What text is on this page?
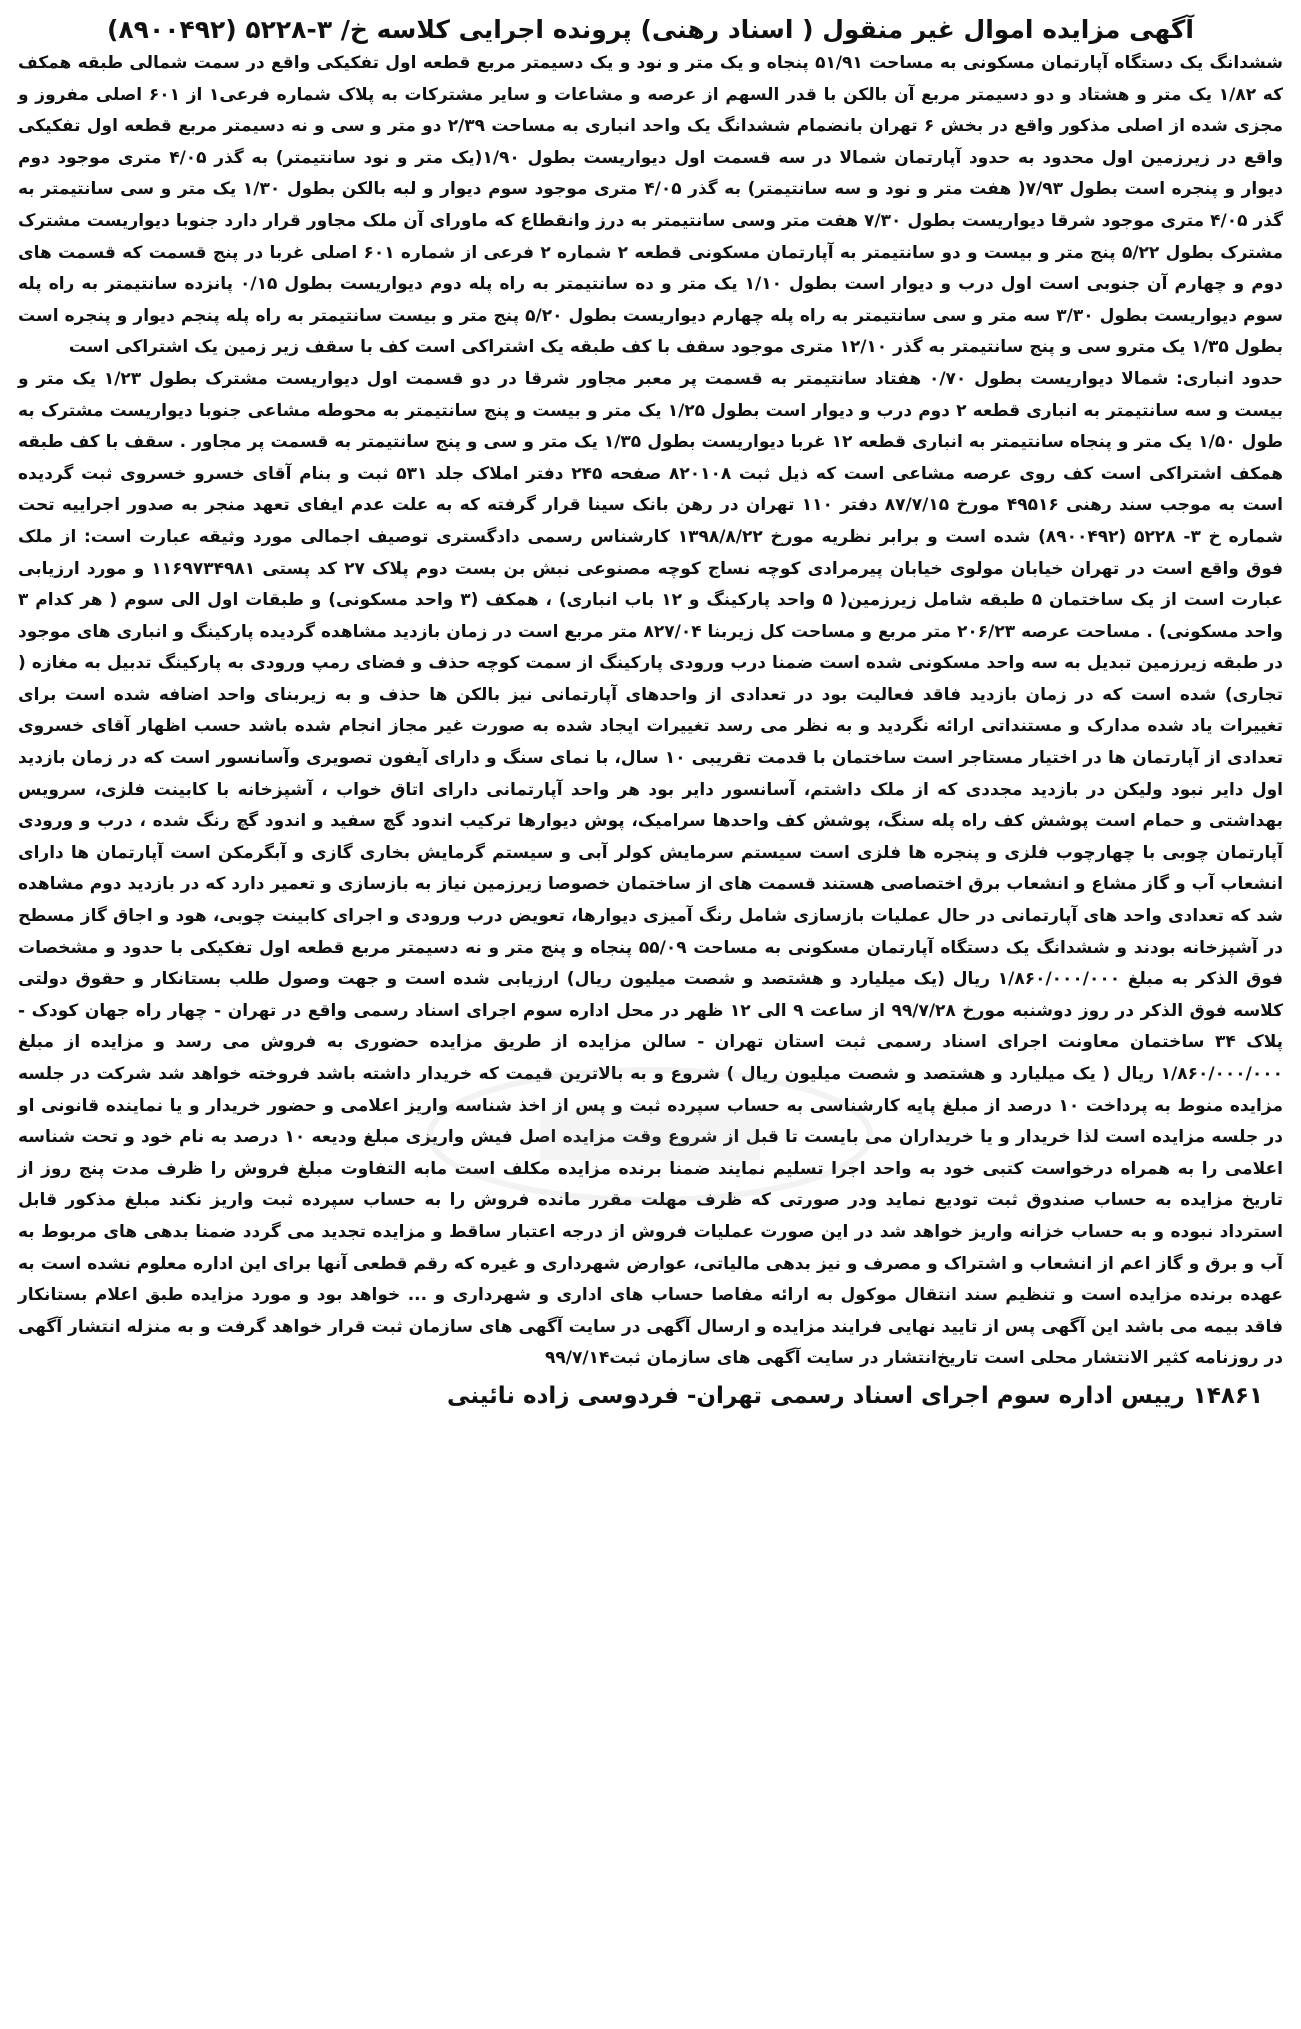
آگهی مزایده اموال غیر منقول ( اسناد رهنی) پرونده اجرایی کلاسه خ/ ۳-۵۲۲۸ (۸۹۰۰۴۹۲)

ششدانگ یک دستگاه آپارتمان مسکونی به مساحت ۵۱/۹۱ پنجاه و یک متر و نود و یک دسیمتر مربع قطعه اول تفکیکی واقع در سمت شمالی طبقه همکف که ۱/۸۲ یک متر و هشتاد و دو دسیمتر مربع آن بالکن با قدر السهم از عرصه و مشاعات و سایر مشترکات به پلاک شماره فرعی۱ از ۶۰۱ اصلی مفروز و مجزی شده از اصلی مذکور واقع در بخش ۶ تهران بانضمام ششدانگ یک واحد انباری به مساحت ۲/۳۹ دو متر و سی و نه دسیمتر مربع قطعه اول تفکیکی واقع در زیرزمین اول محدود به حدود آپارتمان شمالا در سه قسمت اول دیواریست بطول ۱/۹۰(یک متر و نود سانتیمتر) به گذر ۴/۰۵ متری موجود دوم دیوار و پنجره است بطول ۷/۹۳( هفت متر و نود و سه سانتیمتر) به گذر ۴/۰۵ متری موجود سوم دیوار و لبه بالکن بطول ۱/۳۰ یک متر و سی سانتیمتر به گذر ۴/۰۵ متری موجود شرقا دیواریست بطول ۷/۳۰ هفت متر وسی سانتیمتر به درز وانقطاع که ماورای آن ملک مجاور قرار دارد جنوبا دیواریست مشترک مشترک بطول ۵/۲۲ پنج متر و بیست و دو سانتیمتر به آپارتمان مسکونی قطعه ۲ شماره ۲ فرعی از شماره ۶۰۱ اصلی غربا در پنج قسمت که قسمت های دوم و چهارم آن جنوبی است اول درب و دیوار است بطول ۱/۱۰ یک متر و ده سانتیمتر به راه پله دوم دیواریست بطول ۰/۱۵ پانزده سانتیمتر به راه پله سوم دیواریست بطول ۳/۳۰ سه متر و سی سانتیمتر به راه پله چهارم دیواریست بطول ۵/۲۰ پنج متر و بیست سانتیمتر به راه پله پنجم دیوار و پنجره است بطول ۱/۳۵ یک مترو سی و پنج سانتیمتر به گذر ۱۲/۱۰ متری موجود سقف با کف طبقه یک اشتراکی است کف با سقف زیر زمین یک اشتراکی است

حدود انباری: شمالا دیواریست بطول ۰/۷۰ هفتاد سانتیمتر به قسمت پر معبر مجاور شرقا در دو قسمت اول دیواریست مشترک بطول ۱/۲۳ یک متر و بیست و سه سانتیمتر به انباری قطعه ۲ دوم درب و دیوار است بطول ۱/۲۵ یک متر و بیست و پنج سانتیمتر به محوطه مشاعی جنوبا دیواریست مشترک به طول ۱/۵۰ یک متر و پنجاه سانتیمتر به انباری قطعه ۱۲ غربا دیواریست بطول ۱/۳۵ یک متر و سی و پنج سانتیمتر به قسمت پر مجاور . سقف با کف طبقه همکف اشتراکی است کف روی عرصه مشاعی است که ذیل ثبت ۸۲۰۱۰۸ صفحه ۲۴۵ دفتر املاک جلد ۵۳۱ ثبت و بنام آقای خسرو خسروی ثبت گردیده است به موجب سند رهنی ۴۹۵۱۶ مورخ ۸۷/۷/۱۵ دفتر ۱۱۰ تهران در رهن بانک سینا قرار گرفته که به علت عدم ایفای تعهد منجر به صدور اجراییه تحت شماره خ ۳- ۵۲۲۸ (۸۹۰۰۴۹۲) شده است و برابر نظریه مورخ ۱۳۹۸/۸/۲۲ کارشناس رسمی دادگستری توصیف اجمالی مورد وثیقه عبارت است: از ملک فوق واقع است در تهران خیابان مولوی خیابان پیرمرادی کوچه نساج کوچه مصنوعی نبش بن بست دوم پلاک ۲۷ کد پستی ۱۱۶۹۷۳۴۹۸۱ و مورد ارزیابی عبارت است از یک ساختمان ۵ طبقه شامل زیرزمین( ۵ واحد پارکینگ و ۱۲ باب انباری) ، همکف (۳ واحد مسکونی) و طبقات اول الی سوم ( هر کدام ۳ واحد مسکونی) . مساحت عرصه ۲۰۶/۲۳ متر مربع و مساحت کل زیربنا ۸۲۷/۰۴ متر مربع است در زمان بازدید مشاهده گردیده پارکینگ و انباری های موجود در طبقه زیرزمین تبدیل به سه واحد مسکونی شده است ضمنا درب ورودی پارکینگ از سمت کوچه حذف و فضای رمپ ورودی به پارکینگ تدبیل به مغازه ( تجاری) شده است که در زمان بازدید فاقد فعالیت بود در تعدادی از واحدهای آپارتمانی نیز بالکن ها حذف و به زیربنای واحد اضافه شده است برای تغییرات یاد شده مدارک و مستنداتی ارائه نگردید و به نظر می رسد تغییرات ایجاد شده به صورت غیر مجاز انجام شده باشد حسب اظهار آقای خسروی تعدادی از آپارتمان ها در اختیار مستاجر است ساختمان با قدمت تقریبی ۱۰ سال، با نمای سنگ و دارای آیفون تصویری وآسانسور است که در زمان بازدید اول دایر نبود ولیکن در بازدید مجددی که از ملک داشتم، آسانسور دایر بود هر واحد آپارتمانی دارای اتاق خواب ، آشپزخانه با کابینت فلزی، سرویس بهداشتی و حمام است پوشش کف راه پله سنگ، پوشش کف واحدها سرامیک، پوش دیوارها ترکیب اندود گچ سفید و اندود گچ رنگ شده ، درب و ورودی آپارتمان چوبی با چهارچوب فلزی و پنجره ها فلزی است سیستم سرمایش کولر آبی و سیستم گرمایش بخاری گازی و آبگرمکن است آپارتمان ها دارای انشعاب آب و گاز مشاع و انشعاب برق اختصاصی هستند قسمت های از ساختمان خصوصا زیرزمین نیاز به بازسازی و تعمیر دارد که در بازدید دوم مشاهده شد که تعدادی واحد های آپارتمانی در حال عملیات بازسازی شامل رنگ آمیزی دیوارها، تعویض درب ورودی و اجرای کابینت چوبی، هود و اجاق گاز مسطح در آشپزخانه بودند و ششدانگ یک دستگاه آپارتمان مسکونی به مساحت ۵۵/۰۹ پنجاه و پنج متر و نه دسیمتر مربع قطعه اول تفکیکی با حدود و مشخصات فوق الذکر به مبلغ ۱/۸۶۰/۰۰۰/۰۰۰ ریال (یک میلیارد و هشتصد و شصت میلیون ریال) ارزیابی شده است و جهت وصول طلب بستانکار و حقوق دولتی کلاسه فوق الذکر در روز دوشنبه مورخ ۹۹/۷/۲۸ از ساعت ۹ الی ۱۲ ظهر در محل اداره سوم اجرای اسناد رسمی واقع در تهران - چهار راه جهان کودک - پلاک ۳۴ ساختمان معاونت اجرای اسناد رسمی ثبت استان تهران - سالن مزایده از طریق مزایده حضوری به فروش می رسد و مزایده از مبلغ ۱/۸۶۰/۰۰۰/۰۰۰ ریال ( یک میلیارد و هشتصد و شصت میلیون ریال ) شروع و به بالاترین قیمت که خریدار داشته باشد فروخته خواهد شد شرکت در جلسه مزایده منوط به پرداخت ۱۰ درصد از مبلغ پایه کارشناسی به حساب سپرده ثبت و پس از اخذ شناسه واریز اعلامی و حضور خریدار و یا نماینده قانونی او در جلسه مزایده است لذا خریدار و یا خریداران می بایست تا قبل از شروع وقت مزایده اصل فیش واریزی مبلغ ودیعه ۱۰ درصد به نام خود و تحت شناسه اعلامی را به همراه درخواست کتبی خود به واحد اجرا تسلیم نمایند ضمنا برنده مزایده مکلف است مابه التفاوت مبلغ فروش را ظرف مدت پنج روز از تاریخ مزایده به حساب صندوق ثبت تودیع نماید ودر صورتی که ظرف مهلت مقرر مانده فروش را به حساب سپرده ثبت واریز نکند مبلغ مذکور قابل استرداد نبوده و به حساب خزانه واریز خواهد شد در این صورت عملیات فروش از درجه اعتبار ساقط و مزایده تجدید می گردد ضمنا بدهی های مربوط به آب و برق و گاز اعم از انشعاب و اشتراک و مصرف و نیز بدهی مالیاتی، عوارض شهرداری و غیره که رقم قطعی آنها برای این اداره معلوم نشده است به عهده برنده مزایده است و تنظیم سند انتقال موکول به ارائه مفاصا حساب های اداری و شهرداری و ... خواهد بود و مورد مزایده طبق اعلام بستانکار فاقد بیمه می باشد این آگهی پس از تایید نهایی فرایند مزایده و ارسال آگهی در سایت آگهی های سازمان ثبت قرار خواهد گرفت و به منزله انتشار آگهی در روزنامه کثیر الانتشار محلی است تاریخ‌انتشار در سایت آگهی های سازمان ثبت۹۹/۷/۱۴

۱۴۸۶۱ رییس اداره سوم اجرای اسناد رسمی تهران- فردوسی زاده نائینی
